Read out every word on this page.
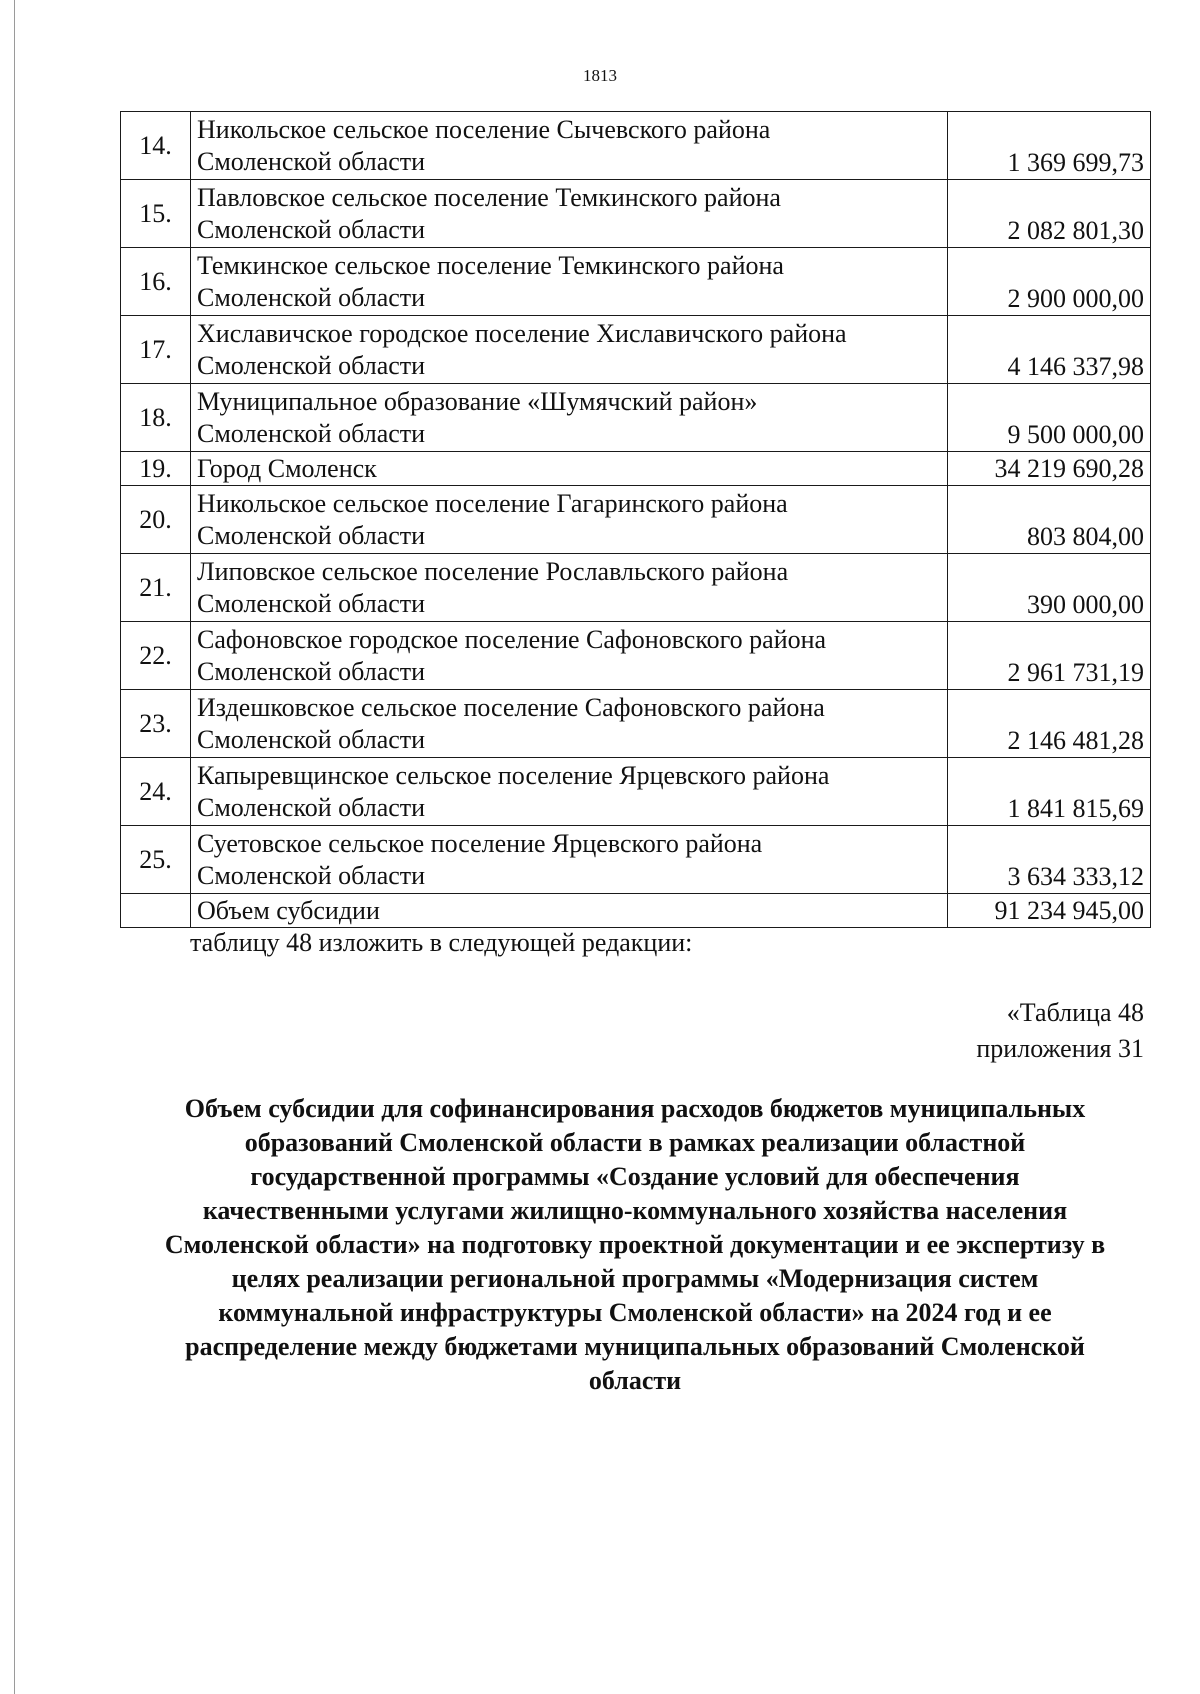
1813
14.	Никольское сельское поселение Сычевского района
Смоленской области	1 369 699,73
15.	Павловское сельское поселение Темкинского района
Смоленской области	2 082 801,30
16.	Темкинское сельское поселение Темкинского района
Смоленской области	2 900 000,00
17.	Хиславичское городское поселение Хиславичского района
Смоленской области	4 146 337,98
18.	Муниципальное образование «Шумячский район»
Смоленской области	9 500 000,00
19.	Город Смоленск	34 219 690,28
20.	Никольское сельское поселение Гагаринского района
Смоленской области	803 804,00
21.	Липовское сельское поселение Рославльского района
Смоленской области	390 000,00
22.	Сафоновское городское поселение Сафоновского района
Смоленской области	2 961 731,19
23.	Издешковское сельское поселение Сафоновского района
Смоленской области	2 146 481,28
24.	Капыревщинское сельское поселение Ярцевского района
Смоленской области	1 841 815,69
25.	Суетовское сельское поселение Ярцевского района
Смоленской области	3 634 333,12
	Объем субсидии	91 234 945,00
таблицу 48 изложить в следующей редакции:
«Таблица 48
приложения 31
Объем субсидии для софинансирования расходов бюджетов муниципальных
образований Смоленской области в рамках реализации областной
государственной программы «Создание условий для обеспечения
качественными услугами жилищно-коммунального хозяйства населения
Смоленской области» на подготовку проектной документации и ее экспертизу в
целях реализации региональной программы «Модернизация систем
коммунальной инфраструктуры Смоленской области» на 2024 год и ее
распределение между бюджетами муниципальных образований Смоленской
области
